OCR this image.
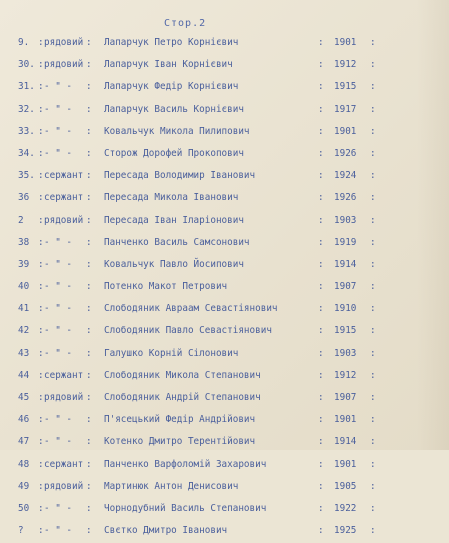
Стор.2
9. : рядовий : Лапарчук Петро Корнієвич	: 1901	:
30. : рядовий : Лапарчук Іван Корнієвич	: 1912	:
31. : - " -	: Лапарчук Федір Корнієвич	: 1915	:
32. : - " -	: Лапарчук Василь Корнієвич	: 1917	:
33. : - " -	: Ковальчук Микола Пилипович	: 1901	:
34. : - " -	: Сторож Дорофей Прокопович	: 1926	:
35. : сержант : Пересада Володимир Іванович	: 1924	:
36 : сержант : Пересада Микола Іванович	: 1926	:
2	: рядовий : Пересада Іван Іларіонович	: 1903	:
38 : - " -	: Панченко Василь Самсонович	: 1919	:
39 : - " -	: Ковальчук Павло Йосипович	: 1914	:
40 : - " -	: Потенко Макот Петрович	: 1907	:
41 : - " -	: Слободяник Авраам Севастіянович	: 1910	:
42 : - " -	: Слободяник Павло Севастіянович	: 1915	:
43 : - " -	: Галушко Корній Сілонович	: 1903	:
44 : сержант : Слободяник Микола Степанович	: 1912	:
45 : рядовий : Слободяник Андрій Степанович	: 1907	:
46 : - " -	: П'ясецький Федір Андрійович	: 1901	:
47 : - " -	: Котенко Дмитро Терентійович	: 1914	:
48 : сержант : Панченко Варфоломій Захарович	: 1901	:
49 : рядовий : Мартинюк Антон Денисович	: 1905	:
50 : - " -	: Чорнодубний Василь Степанович	: 1922	:
?	: - " -	: Свєтко Дмитро Іванович	: 1925	:
